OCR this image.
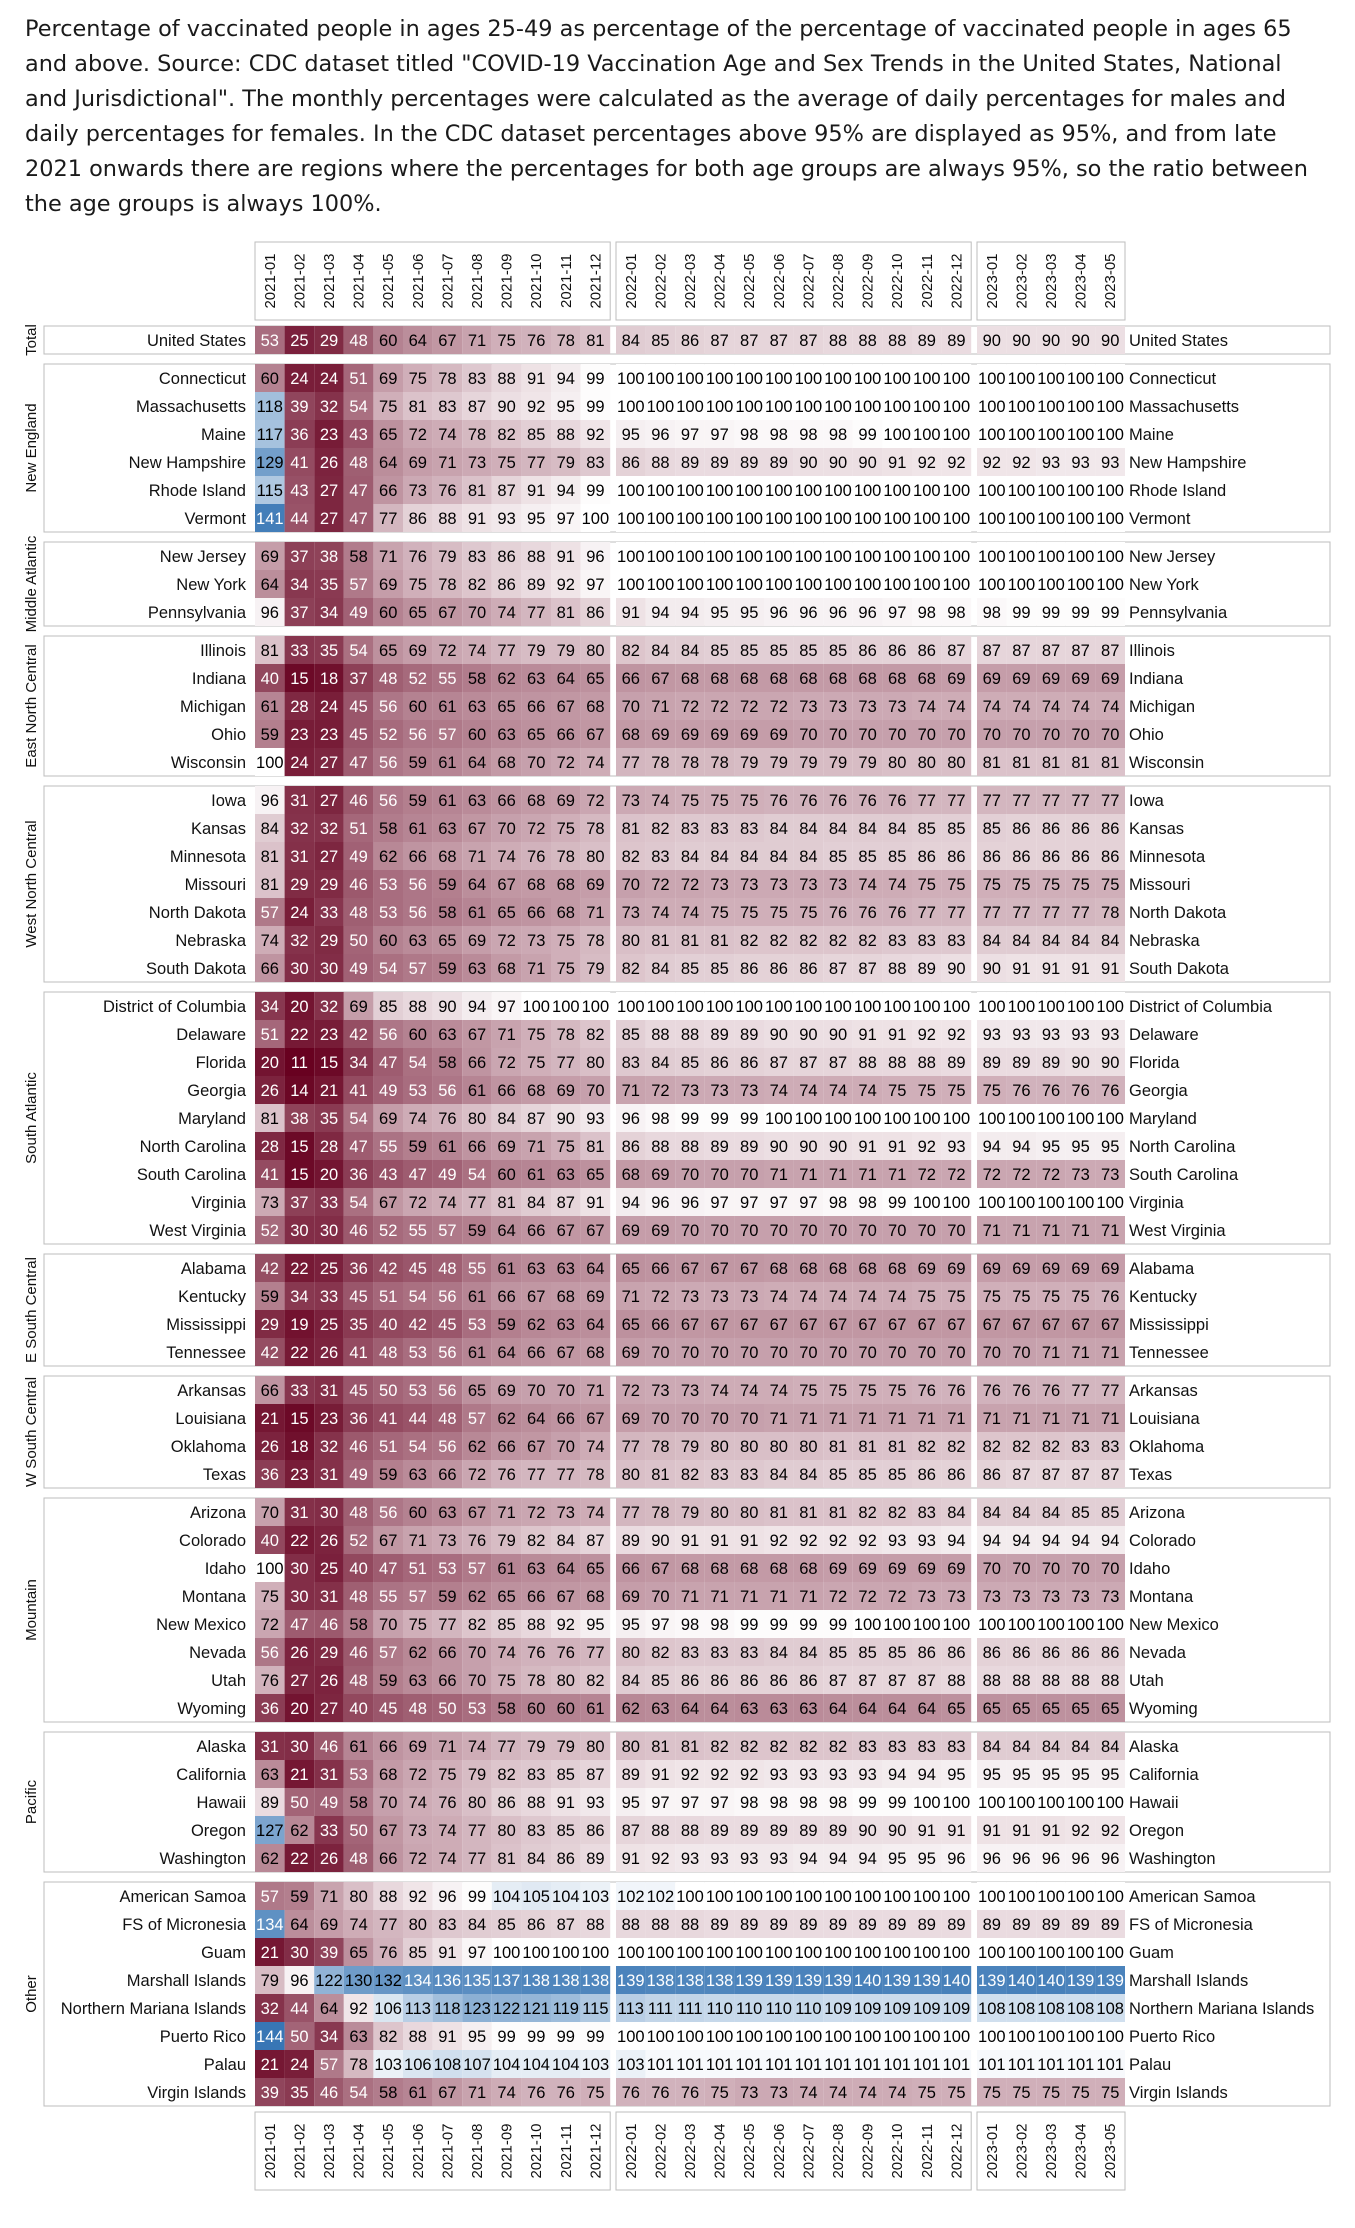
Percentage of vaccinated people in ages 25-49 as percentage of the percentage of vaccinated people in ages 65 and above. Source: CDC dataset titled "COVID-19 Vaccination Age and Sex Trends in the United States, National and Jurisdictional". The monthly percentages were calculated as the average of daily percentages for males and daily percentages for females. In the CDC dataset percentages above 95% are displayed as 95%, and from late 2021 onwards there are regions where the percentages for both age groups are always 95%, so the ratio between the age groups is always 100%.
2021-01 2021-02 2021-03 2021-04 2021-05 2021-06 2021-07 2021-08 2021-09 2021-10 2021-11 2021-12 2022-01 2022-02 2022-03 2022-04 2022-05 2022-06 2022-07 2022-08 2022-09 2022-10 2022-11 2022-12 2023-01 2023-02 2023-03 2023-04 2023-05
2021-01 2021-02 2021-03 2021-04 2021-05 2021-06 2021-07 2021-08 2021-09 2021-10 2021-11 2021-12 2022-01 2022-02 2022-03 2022-04 2022-05 2022-06 2022-07 2022-08 2022-09 2022-10 2022-11 2022-12 2023-01 2023-02 2023-03 2023-04 2023-05
Total	United States	United States
53 25 29 48 60 64 67 71 75 76 78 81 84 85 86 87 87 87 87 88 88 88 89 89 90 90 90 90 90
New England
Connecticut	Connecticut
60 24 24 51 69 75 78 83 88 91 94 99 100 100 100 100 100 100 100 100 100 100 100 100 100 100 100 100 100
Massachusetts	Massachusetts
118 39 32 54 75 81 83 87 90 92 95 99 100 100 100 100 100 100 100 100 100 100 100 100 100 100 100 100 100
Maine	Maine
117 36 23 43 65 72 74 78 82 85 88 92 95 96 97 97 98 98 98 98 99 100 100 100 100 100 100 100 100
New Hampshire	New Hampshire
129 41 26 48 64 69 71 73 75 77 79 83 86 88 89 89 89 89 90 90 90 91 92 92 92 92 93 93 93
Rhode Island	Rhode Island
115 43 27 47 66 73 76 81 87 91 94 99 100 100 100 100 100 100 100 100 100 100 100 100 100 100 100 100 100
Vermont	Vermont
141 44 27 47 77 86 88 91 93 95 97 100 100 100 100 100 100 100 100 100 100 100 100 100 100 100 100 100 100
Middle Atlantic	New Jersey	New Jersey
69 37 38 58 71 76 79 83 86 88 91 96 100 100 100 100 100 100 100 100 100 100 100 100 100 100 100 100 100
New York	New York
64 34 35 57 69 75 78 82 86 89 92 97 100 100 100 100 100 100 100 100 100 100 100 100 100 100 100 100 100
Pennsylvania	Pennsylvania
96 37 34 49 60 65 67 70 74 77 81 86 91 94 94 95 95 96 96 96 96 97 98 98 98 99 99 99 99
East North Central	Illinois	Illinois
81 33 35 54 65 69 72 74 77 79 79 80 82 84 84 85 85 85 85 85 86 86 86 87 87 87 87 87 87
Indiana	Indiana
40 15 18 37 48 52 55 58 62 63 64 65 66 67 68 68 68 68 68 68 68 68 68 69 69 69 69 69 69
Michigan	Michigan
61 28 24 45 56 60 61 63 65 66 67 68 70 71 72 72 72 72 73 73 73 73 74 74 74 74 74 74 74
Ohio	Ohio
59 23 23 45 52 56 57 60 63 65 66 67 68 69 69 69 69 69 70 70 70 70 70 70 70 70 70 70 70
Wisconsin	Wisconsin
100 24 27 47 56 59 61 64 68 70 72 74 77 78 78 78 79 79 79 79 79 80 80 80 81 81 81 81 81
West North Central
Iowa	Iowa
96 31 27 46 56 59 61 63 66 68 69 72 73 74 75 75 75 76 76 76 76 76 77 77 77 77 77 77 77
Kansas	Kansas
84 32 32 51 58 61 63 67 70 72 75 78 81 82 83 83 83 84 84 84 84 84 85 85 85 86 86 86 86
Minnesota	Minnesota
81 31 27 49 62 66 68 71 74 76 78 80 82 83 84 84 84 84 84 85 85 85 86 86 86 86 86 86 86
Missouri	Missouri
81 29 29 46 53 56 59 64 67 68 68 69 70 72 72 73 73 73 73 73 74 74 75 75 75 75 75 75 75
North Dakota	North Dakota
57 24 33 48 53 56 58 61 65 66 68 71 73 74 74 75 75 75 75 76 76 76 77 77 77 77 77 77 78
Nebraska	Nebraska
74 32 29 50 60 63 65 69 72 73 75 78 80 81 81 81 82 82 82 82 82 83 83 83 84 84 84 84 84
South Dakota	South Dakota
66 30 30 49 54 57 59 63 68 71 75 79 82 84 85 85 86 86 86 87 87 88 89 90 90 91 91 91 91
South Atlantic
District of Columbia	District of Columbia
34 20 32 69 85 88 90 94 97 100 100 100 100 100 100 100 100 100 100 100 100 100 100 100 100 100 100 100 100
Delaware	Delaware
51 22 23 42 56 60 63 67 71 75 78 82 85 88 88 89 89 90 90 90 91 91 92 92 93 93 93 93 93
Florida	Florida
20 11 15 34 47 54 58 66 72 75 77 80 83 84 85 86 86 87 87 87 88 88 88 89 89 89 89 90 90
Georgia	Georgia
26 14 21 41 49 53 56 61 66 68 69 70 71 72 73 73 73 74 74 74 74 75 75 75 75 76 76 76 76
Maryland	Maryland
81 38 35 54 69 74 76 80 84 87 90 93 96 98 99 99 99 100 100 100 100 100 100 100 100 100 100 100 100
North Carolina	North Carolina
28 15 28 47 55 59 61 66 69 71 75 81 86 88 88 89 89 90 90 90 91 91 92 93 94 94 95 95 95
South Carolina	South Carolina
41 15 20 36 43 47 49 54 60 61 63 65 68 69 70 70 70 71 71 71 71 71 72 72 72 72 72 73 73
Virginia	Virginia
73 37 33 54 67 72 74 77 81 84 87 91 94 96 96 97 97 97 97 98 98 99 100 100 100 100 100 100 100
West Virginia	West Virginia
52 30 30 46 52 55 57 59 64 66 67 67 69 69 70 70 70 70 70 70 70 70 70 70 71 71 71 71 71
E South Central	Alabama	Alabama
42 22 25 36 42 45 48 55 61 63 63 64 65 66 67 67 67 68 68 68 68 68 69 69 69 69 69 69 69
Kentucky	Kentucky
59 34 33 45 51 54 56 61 66 67 68 69 71 72 73 73 73 74 74 74 74 74 75 75 75 75 75 75 76
Mississippi	Mississippi
29 19 25 35 40 42 45 53 59 62 63 64 65 66 67 67 67 67 67 67 67 67 67 67 67 67 67 67 67
Tennessee	Tennessee
42 22 26 41 48 53 56 61 64 66 67 68 69 70 70 70 70 70 70 70 70 70 70 70 70 70 71 71 71
W South Central	Arkansas	Arkansas
66 33 31 45 50 53 56 65 69 70 70 71 72 73 73 74 74 74 75 75 75 75 76 76 76 76 76 77 77
Louisiana	Louisiana
21 15 23 36 41 44 48 57 62 64 66 67 69 70 70 70 70 71 71 71 71 71 71 71 71 71 71 71 71
Oklahoma	Oklahoma
26 18 32 46 51 54 56 62 66 67 70 74 77 78 79 80 80 80 80 81 81 81 82 82 82 82 82 83 83
Texas	Texas
36 23 31 49 59 63 66 72 76 77 77 78 80 81 82 83 83 84 84 85 85 85 86 86 86 87 87 87 87
Mountain
Arizona	Arizona
70 31 30 48 56 60 63 67 71 72 73 74 77 78 79 80 80 81 81 81 82 82 83 84 84 84 84 85 85
Colorado	Colorado
40 22 26 52 67 71 73 76 79 82 84 87 89 90 91 91 91 92 92 92 92 93 93 94 94 94 94 94 94
Idaho	Idaho
100 30 25 40 47 51 53 57 61 63 64 65 66 67 68 68 68 68 68 69 69 69 69 69 70 70 70 70 70
Montana	Montana
75 30 31 48 55 57 59 62 65 66 67 68 69 70 71 71 71 71 71 72 72 72 73 73 73 73 73 73 73
New Mexico	New Mexico
72 47 46 58 70 75 77 82 85 88 92 95 95 97 98 98 99 99 99 99 100 100 100 100 100 100 100 100 100
Nevada	Nevada
56 26 29 46 57 62 66 70 74 76 76 77 80 82 83 83 83 84 84 85 85 85 86 86 86 86 86 86 86
Utah	Utah
76 27 26 48 59 63 66 70 75 78 80 82 84 85 86 86 86 86 86 87 87 87 87 88 88 88 88 88 88
Wyoming	Wyoming
36 20 27 40 45 48 50 53 58 60 60 61 62 63 64 64 63 63 63 64 64 64 64 65 65 65 65 65 65
Pacific
Alaska	Alaska
31 30 46 61 66 69 71 74 77 79 79 80 80 81 81 82 82 82 82 82 83 83 83 83 84 84 84 84 84
California	California
63 21 31 53 68 72 75 79 82 83 85 87 89 91 92 92 92 93 93 93 93 94 94 95 95 95 95 95 95
Hawaii	Hawaii
89 50 49 58 70 74 76 80 86 88 91 93 95 97 97 97 98 98 98 98 99 99 100 100 100 100 100 100 100
Oregon	Oregon
127 62 33 50 67 73 74 77 80 83 85 86 87 88 88 89 89 89 89 89 90 90 91 91 91 91 91 92 92
Washington	Washington
62 22 26 48 66 72 74 77 81 84 86 89 91 92 93 93 93 93 94 94 94 95 95 96 96 96 96 96 96
Other
American Samoa	American Samoa
57 59 71 80 88 92 96 99 104 105 104 103 102 102 100 100 100 100 100 100 100 100 100 100 100 100 100 100 100
FS of Micronesia	FS of Micronesia
134 64 69 74 77 80 83 84 85 86 87 88 88 88 88 89 89 89 89 89 89 89 89 89 89 89 89 89 89
Guam	Guam
21 30 39 65 76 85 91 97 100 100 100 100 100 100 100 100 100 100 100 100 100 100 100 100 100 100 100 100 100
Marshall Islands	Marshall Islands
79 96 122 130 132 134 136 135 137 138 138 138 139 138 138 138 139 139 139 139 140 139 139 140 139 140 140 139 139
Northern Mariana Islands	Northern Mariana Islands
32 44 64 92 106 113 118 123 122 121 119 115 113 111 111 110 110 110 110 109 109 109 109 109 108 108 108 108 108
Puerto Rico	Puerto Rico
144 50 34 63 82 88 91 95 99 99 99 99 100 100 100 100 100 100 100 100 100 100 100 100 100 100 100 100 100
Palau	Palau
21 24 57 78 103 106 108 107 104 104 104 103 103 101 101 101 101 101 101 101 101 101 101 101 101 101 101 101 101
Virgin Islands	Virgin Islands
39 35 46 54 58 61 67 71 74 76 76 75 76 76 76 75 73 73 74 74 74 74 75 75 75 75 75 75 75
